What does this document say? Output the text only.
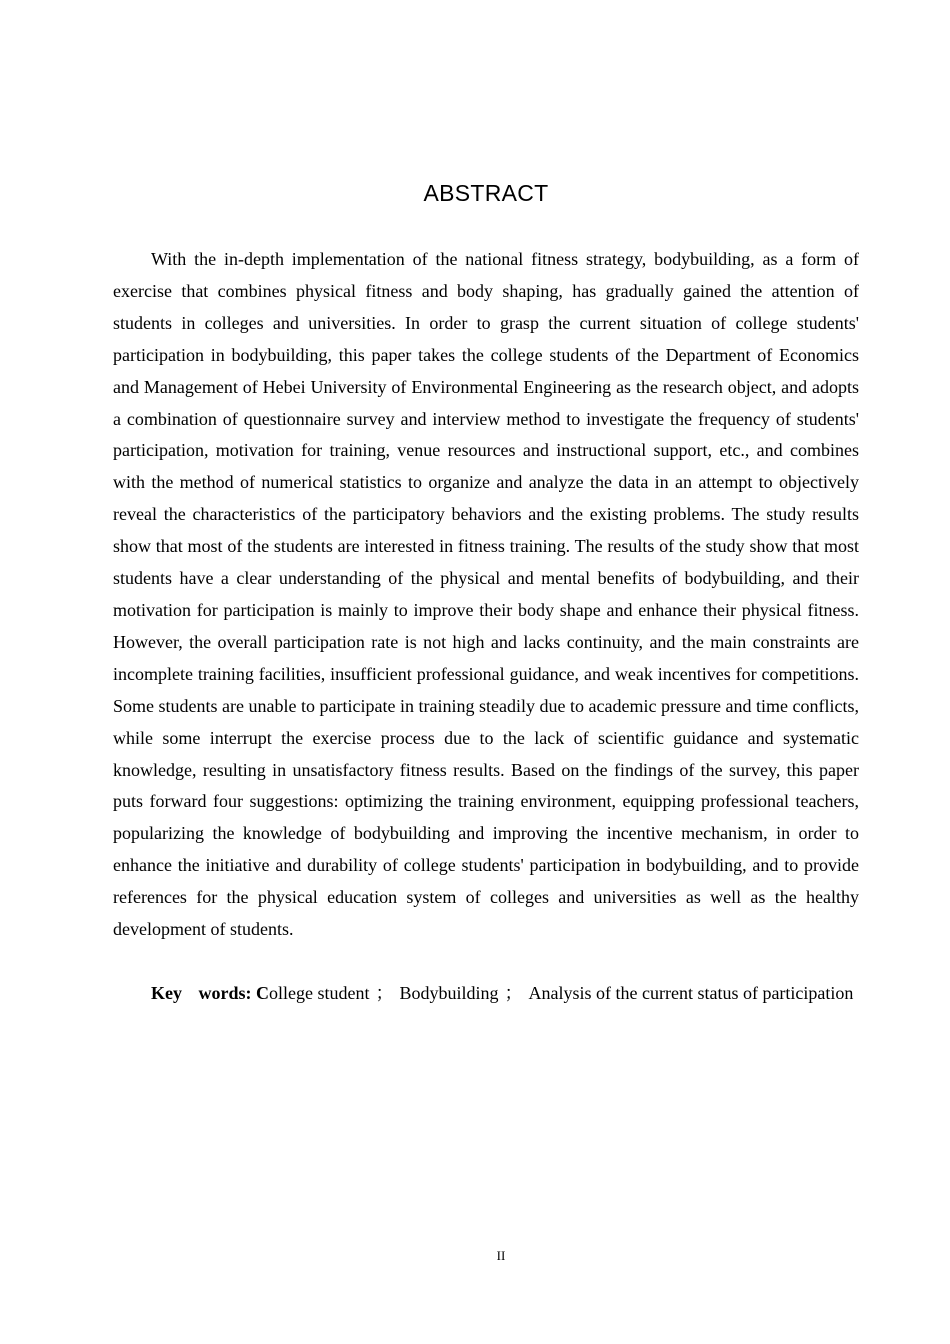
ABSTRACT

With the in-depth implementation of the national fitness strategy, bodybuilding, as a form of exercise that combines physical fitness and body shaping, has gradually gained the attention of students in colleges and universities. In order to grasp the current situation of college students' participation in bodybuilding, this paper takes the college students of the Department of Economics and Management of Hebei University of Environmental Engineering as the research object, and adopts a combination of questionnaire survey and interview method to investigate the frequency of students' participation, motivation for training, venue resources and instructional support, etc., and combines with the method of numerical statistics to organize and analyze the data in an attempt to objectively reveal the characteristics of the participatory behaviors and the existing problems. The study results show that most of the students are interested in fitness training. The results of the study show that most students have a clear understanding of the physical and mental benefits of bodybuilding, and their motivation for participation is mainly to improve their body shape and enhance their physical fitness. However, the overall participation rate is not high and lacks continuity, and the main constraints are incomplete training facilities, insufficient professional guidance, and weak incentives for competitions. Some students are unable to participate in training steadily due to academic pressure and time conflicts, while some interrupt the exercise process due to the lack of scientific guidance and systematic knowledge, resulting in unsatisfactory fitness results. Based on the findings of the survey, this paper puts forward four suggestions: optimizing the training environment, equipping professional teachers, popularizing the knowledge of bodybuilding and improving the incentive mechanism, in order to enhance the initiative and durability of college students' participation in bodybuilding, and to provide references for the physical education system of colleges and universities as well as the healthy development of students.

Key words: College student ； Bodybuilding ； Analysis of the current status of participation

II
